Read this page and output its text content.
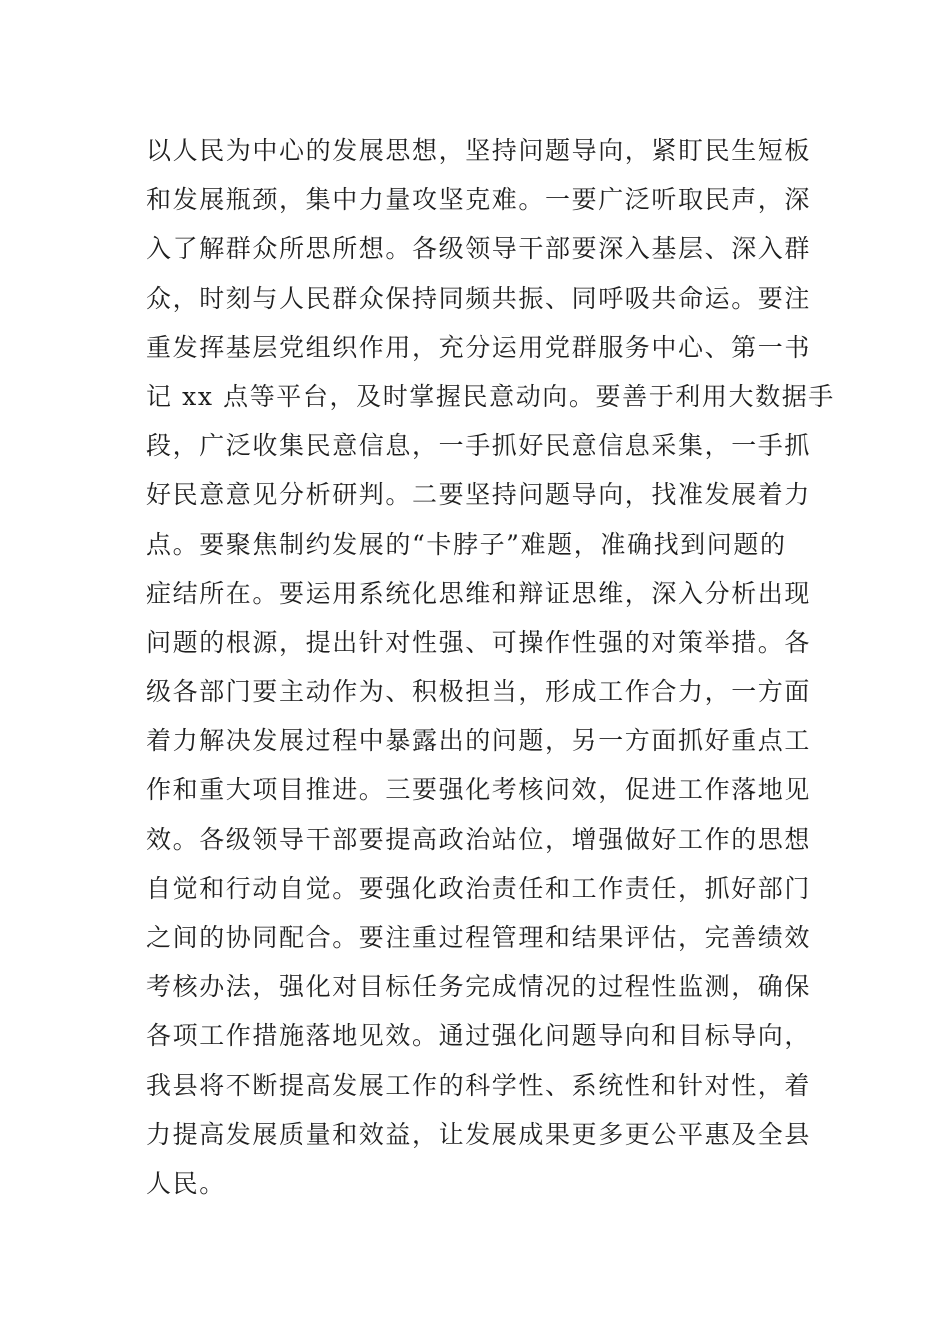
以人民为中心的发展思想，坚持问题导向，紧盯民生短板
和发展瓶颈，集中力量攻坚克难。一要广泛听取民声，深
入了解群众所思所想。各级领导干部要深入基层、深入群
众，时刻与人民群众保持同频共振、同呼吸共命运。要注
重发挥基层党组织作用，充分运用党群服务中心、第一书
记 xx 点等平台，及时掌握民意动向。要善于利用大数据手
段，广泛收集民意信息，一手抓好民意信息采集，一手抓
好民意意见分析研判。二要坚持问题导向，找准发展着力
点。要聚焦制约发展的“卡脖子”难题，准确找到问题的
症结所在。要运用系统化思维和辩证思维，深入分析出现
问题的根源，提出针对性强、可操作性强的对策举措。各
级各部门要主动作为、积极担当，形成工作合力，一方面
着力解决发展过程中暴露出的问题，另一方面抓好重点工
作和重大项目推进。三要强化考核问效，促进工作落地见
效。各级领导干部要提高政治站位，增强做好工作的思想
自觉和行动自觉。要强化政治责任和工作责任，抓好部门
之间的协同配合。要注重过程管理和结果评估，完善绩效
考核办法，强化对目标任务完成情况的过程性监测，确保
各项工作措施落地见效。通过强化问题导向和目标导向，
我县将不断提高发展工作的科学性、系统性和针对性，着
力提高发展质量和效益，让发展成果更多更公平惠及全县
人民。
